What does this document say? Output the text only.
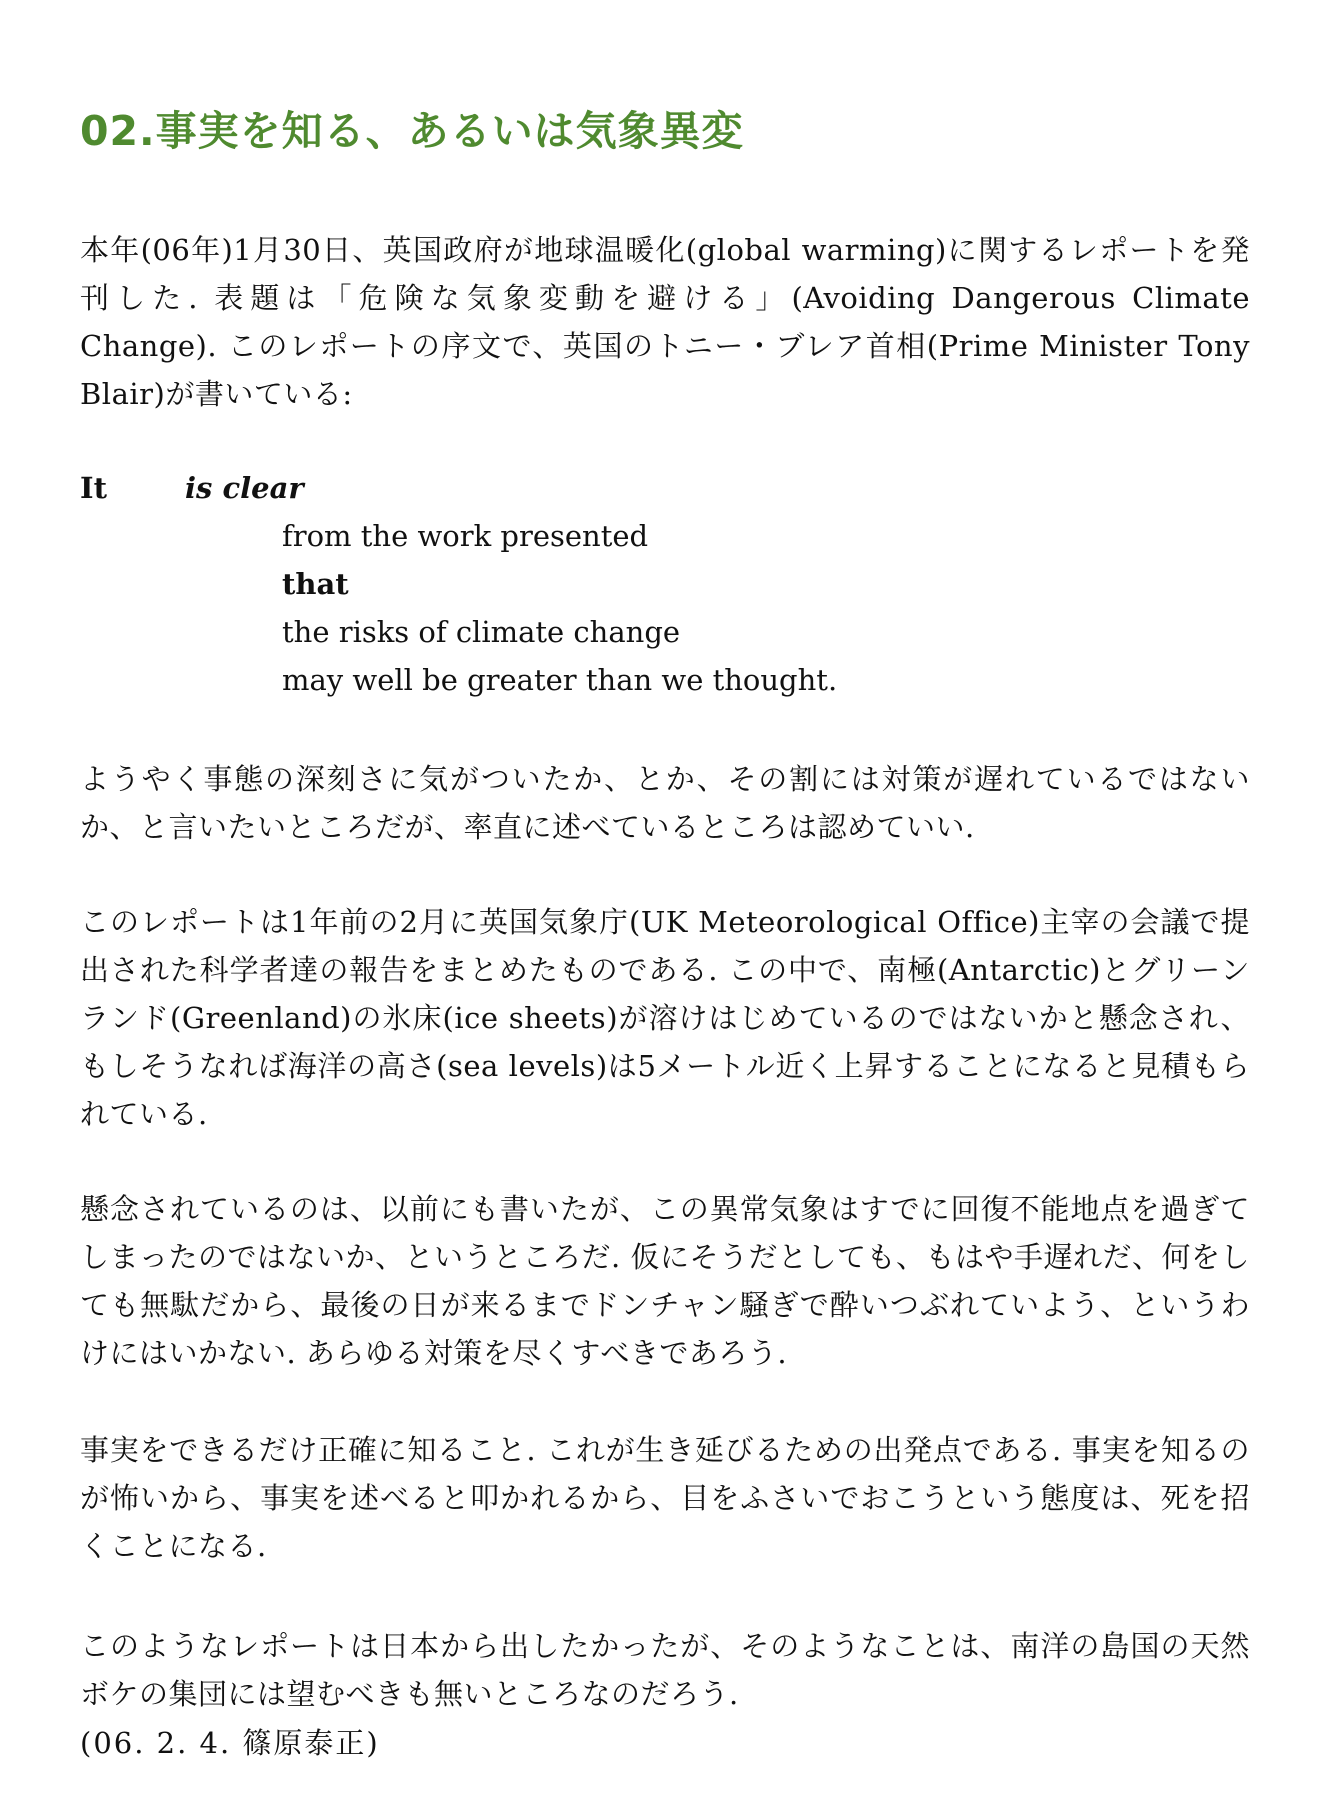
02.事実を知る、あるいは気象異変
本年(06年)1月30日、英国政府が地球温暖化(global warming)に関するレポートを発刊した. 表題は「危険な気象変動を避ける」(Avoiding Dangerous Climate Change). このレポートの序文で、英国のトニー・ブレア首相(Prime Minister Tony Blair)が書いている:
It	is clear
from the work presented
that
the risks of climate change
may well be greater than we thought.
ようやく事態の深刻さに気がついたか、とか、その割には対策が遅れているではないか、と言いたいところだが、率直に述べているところは認めていい.
このレポートは1年前の2月に英国気象庁(UK Meteorological Office)主宰の会議で提出された科学者達の報告をまとめたものである. この中で、南極(Antarctic)とグリーンランド(Greenland)の氷床(ice sheets)が溶けはじめているのではないかと懸念され、もしそうなれば海洋の高さ(sea levels)は5メートル近く上昇することになると見積もられている.
懸念されているのは、以前にも書いたが、この異常気象はすでに回復不能地点を過ぎてしまったのではないか、というところだ. 仮にそうだとしても、もはや手遅れだ、何をしても無駄だから、最後の日が来るまでドンチャン騒ぎで酔いつぶれていよう、というわけにはいかない. あらゆる対策を尽くすべきであろう.
事実をできるだけ正確に知ること. これが生き延びるための出発点である. 事実を知るのが怖いから、事実を述べると叩かれるから、目をふさいでおこうという態度は、死を招くことになる.
このようなレポートは日本から出したかったが、そのようなことは、南洋の島国の天然ボケの集団には望むべきも無いところなのだろう.
(06. 2. 4. 篠原泰正)
